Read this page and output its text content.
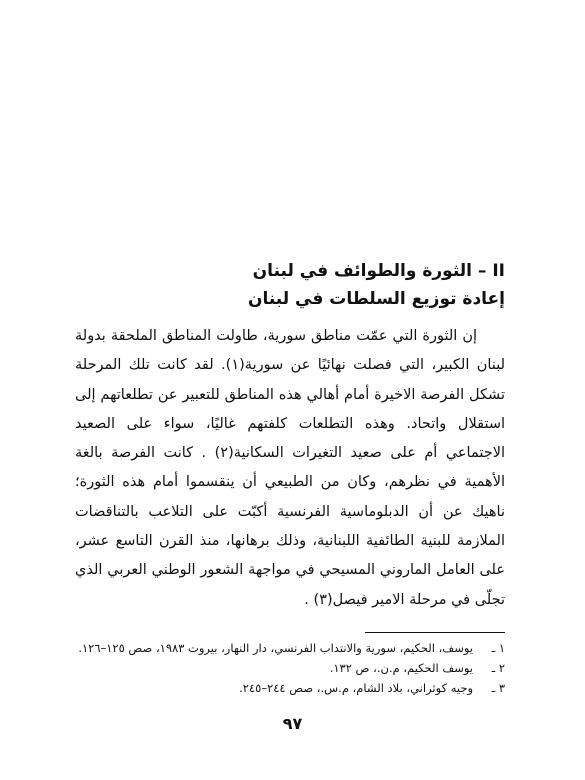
II – الثورة والطوائف في لبنان
إعادة توزيع السلطات في لبنان
إن الثورة التي عمّت مناطق سورية، طاولت المناطق الملحقة بدولة
لبنان الكبير، التي فصلت نهائيًا عن سورية(١). لقد كانت تلك المرحلة
تشكل الفرصة الاخيرة أمام أهالي هذه المناطق للتعبير عن تطلعاتهم إلى
استقلال واتحاد. وهذه التطلعات كلفتهم غاليًا، سواء على الصعيد
الاجتماعي أم على صعيد التغيرات السكانية(٢) . كانت الفرصة بالغة
الأهمية في نظرهم، وكان من الطبيعي أن ينقسموا أمام هذه الثورة؛
ناهيك عن أن الدبلوماسية الفرنسية أكبّت على التلاعب بالتناقضات
الملازمة للبنية الطائفية اللبنانية، وذلك برهانها، منذ القرن التاسع عشر،
على العامل الماروني المسيحي في مواجهة الشعور الوطني العربي الذي
تجلّى في مرحلة الامير فيصل(٣) .
١ ـيوسف، الحكيم، سورية والانتداب الفرنسي، دار النهار، بيروت ١٩٨٣، صص ١٢٥–١٢٦.
٢ ـيوسف الحكيم، م.ن.، ص ١٣٢.
٣ ـوجيه كوثراني، بلاد الشام، م.س.، صص ٢٤٤–٢٤٥.
٩٧
